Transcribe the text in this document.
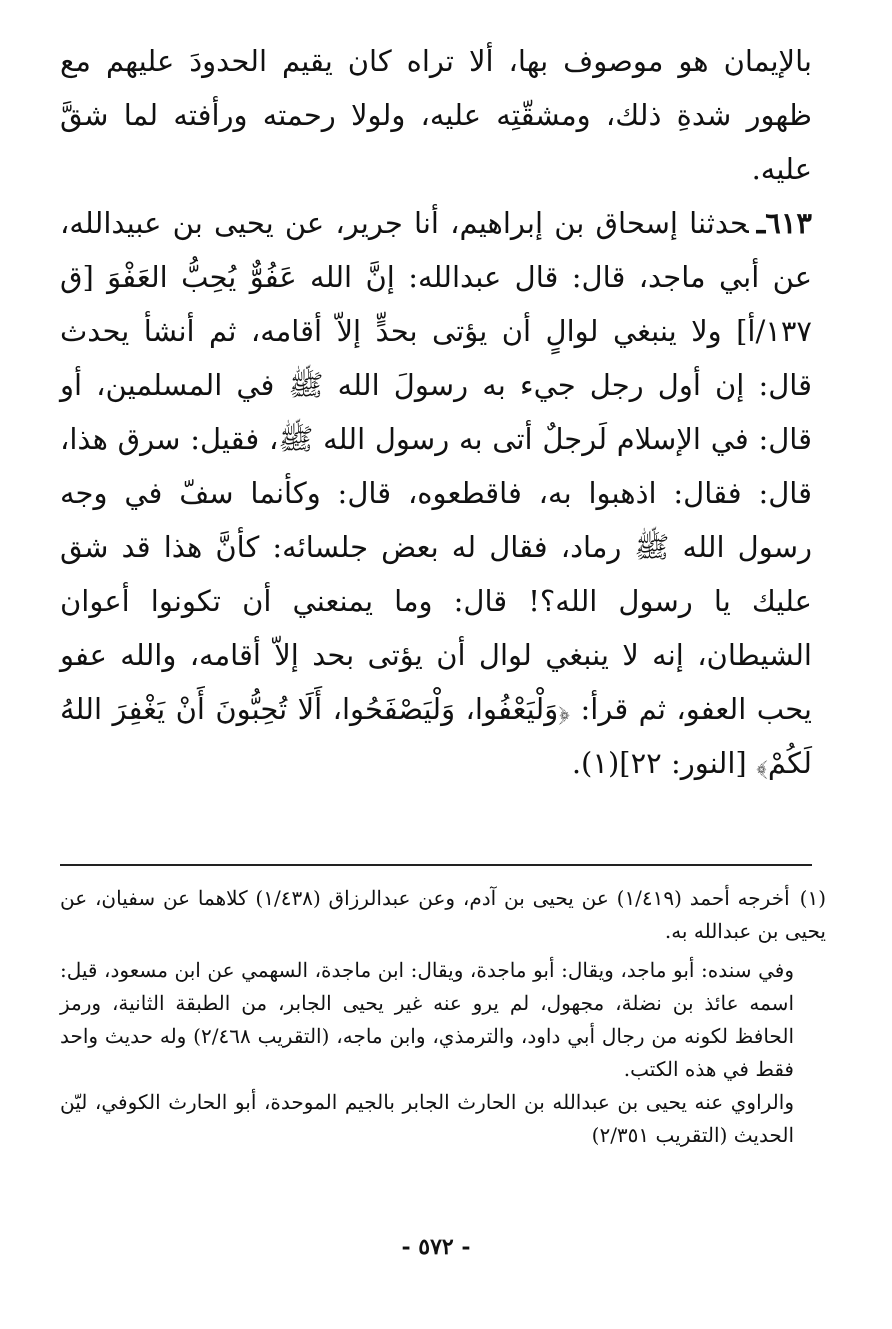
بالإيمان هو موصوف بها، ألا تراه كان يقيم الحدودَ عليهم مع ظهور شدةِ ذلك، ومشقّتِه عليه، ولولا رحمته ورأفته لما شقَّ عليه.

٦١٣ـحدثنا إسحاق بن إبراهيم، أنا جرير، عن يحيى بن عبيدالله، عن أبي ماجد، قال: قال عبدالله: إنَّ الله عَفُوٌّ يُحِبُّ العَفْوَ [ق ١٣٧/أ] ولا ينبغي لوالٍ أن يؤتى بحدٍّ إلاّ أقامه، ثم أنشأ يحدث قال: إن أول رجل جيء به رسولَ الله ﷺ في المسلمين، أو قال: في الإسلام لَرجلٌ أتى به رسول الله ﷺ، فقيل: سرق هذا، قال: فقال: اذهبوا به، فاقطعوه، قال: وكأنما سفّ في وجه رسول الله ﷺ رماد، فقال له بعض جلسائه: كأنَّ هذا قد شق عليك يا رسول الله؟! قال: وما يمنعني أن تكونوا أعوان الشيطان، إنه لا ينبغي لوال أن يؤتى بحد إلاّ أقامه، والله عفو يحب العفو، ثم قرأ: ﴿وَلْيَعْفُوا، وَلْيَصْفَحُوا، أَلَا تُحِبُّونَ أَنْ يَغْفِرَ اللهُ لَكُمْ﴾ [النور: ٢٢](١).

(١)أخرجه أحمد (١/٤١٩) عن يحيى بن آدم، وعن عبدالرزاق (١/٤٣٨) كلاهما عن سفيان، عن يحيى بن عبدالله به.

وفي سنده: أبو ماجد، ويقال: أبو ماجدة، ويقال: ابن ماجدة، السهمي عن ابن مسعود، قيل: اسمه عائذ بن نضلة، مجهول، لم يرو عنه غير يحيى الجابر، من الطبقة الثانية، ورمز الحافظ لكونه من رجال أبي داود، والترمذي، وابن ماجه، (التقريب ٢/٤٦٨) وله حديث واحد فقط في هذه الكتب.

والراوي عنه يحيى بن عبدالله بن الحارث الجابر بالجيم الموحدة، أبو الحارث الكوفي، ليّن الحديث (التقريب ٢/٣٥١)

- ٥٧٢ -
